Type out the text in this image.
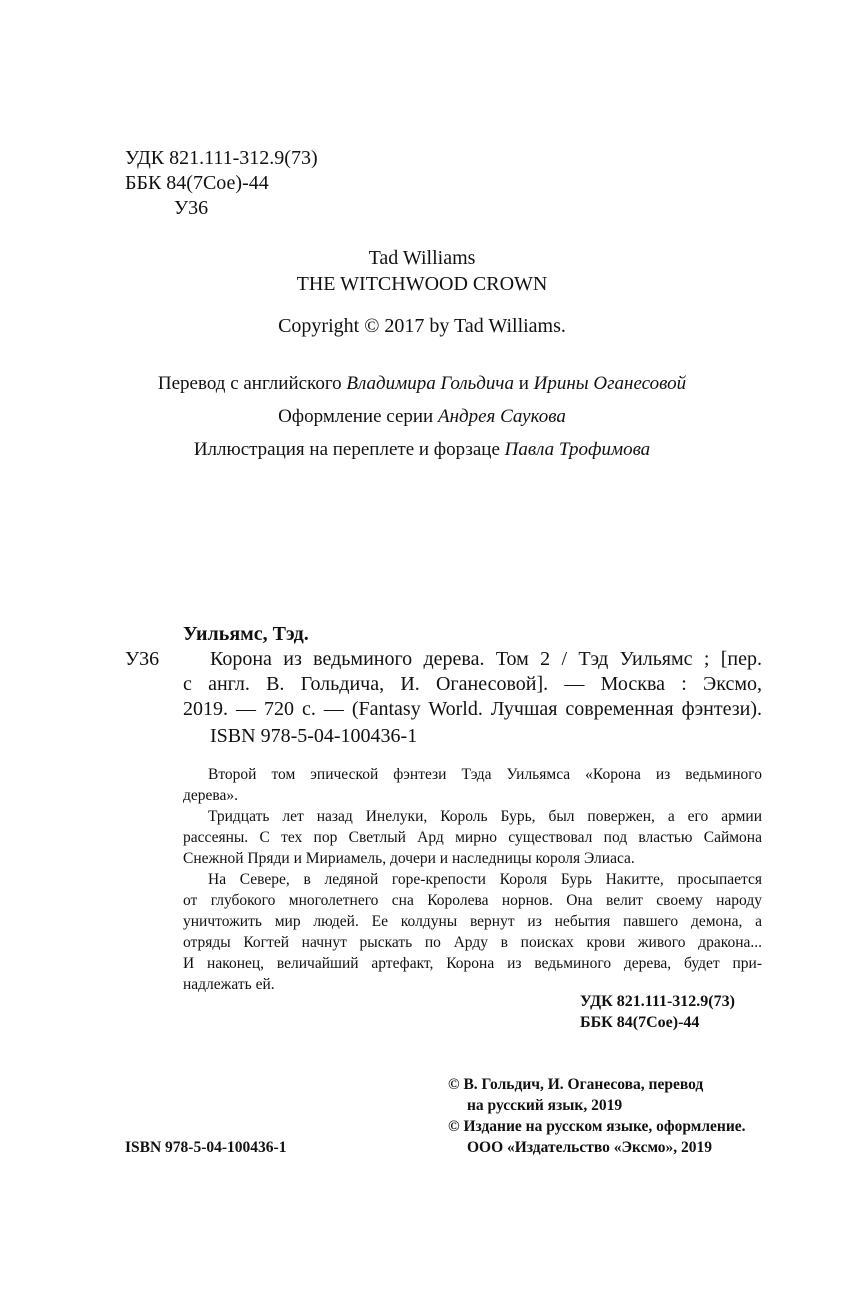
УДК 821.111-312.9(73)
ББК 84(7Сое)-44
У36
Tad Williams
THE WITCHWOOD CROWN
Copyright © 2017 by Tad Williams.
Перевод с английского Владимира Гольдича и Ирины Оганесовой
Оформление серии Андрея Саукова
Иллюстрация на переплете и форзаце Павла Трофимова
Уильямс, Тэд.
У36	Корона из ведьминого дерева. Том 2 / Тэд Уильямс ; [пер.
с англ. В. Гольдича, И. Оганесовой]. — Москва : Эксмо,
2019. — 720 с. — (Fantasy World. Лучшая современная фэнтези).
ISBN 978-5-04-100436-1
Второй том эпической фэнтези Тэда Уильямса «Корона из ведьминого
дерева».
Тридцать лет назад Инелуки, Король Бурь, был повержен, а его армии
рассеяны. С тех пор Светлый Ард мирно существовал под властью Саймона
Снежной Пряди и Мириамель, дочери и наследницы короля Элиаса.
На Севере, в ледяной горе-крепости Короля Бурь Накитте, просыпается
от глубокого многолетнего сна Королева норнов. Она велит своему народу
уничтожить мир людей. Ее колдуны вернут из небытия павшего демона, а
отряды Когтей начнут рыскать по Арду в поисках крови живого дракона...
И наконец, величайший артефакт, Корона из ведьминого дерева, будет при-
надлежать ей.
УДК 821.111-312.9(73)
ББК 84(7Сое)-44
© В. Гольдич, И. Оганесова, перевод
на русский язык, 2019
© Издание на русском языке, оформление.
ООО «Издательство «Эксмо», 2019
ISBN 978-5-04-100436-1
